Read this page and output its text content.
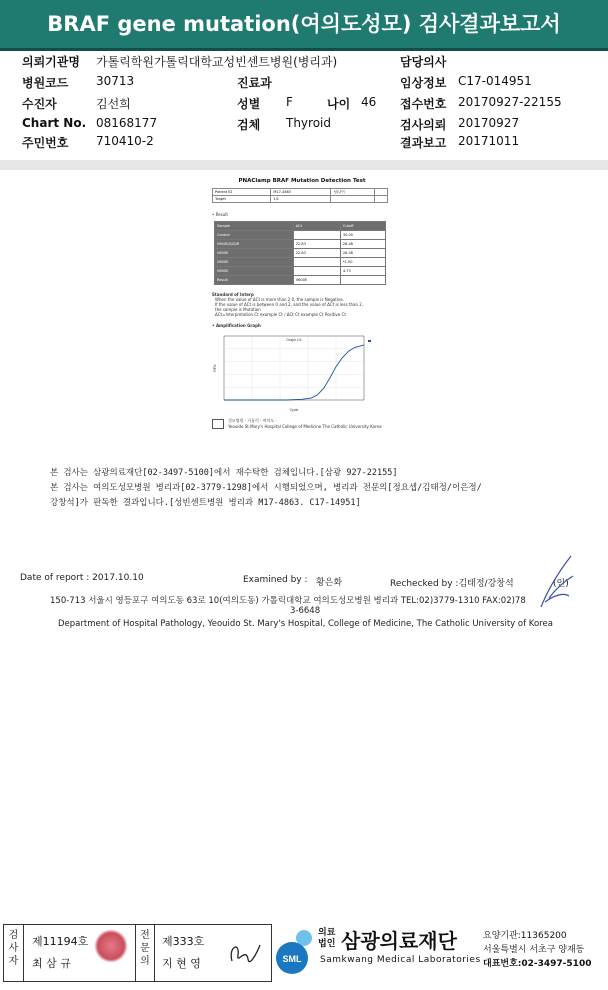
BRAF gene mutation(여의도성모) 검사결과보고서
의뢰기관명 가톨릭학원가톨릭대학교성빈센트병원(병리과)	담당의사
병원코드 30713	진료과	임상정보 C17-014951
수진자	김선희	성별 F	나이 46 접수번호 20170927-22155
Chart No. 08168177	검체 Thyroid	검사의뢰 20170927
주민번호 710410-2	결과보고 20171011
PNAClamp BRAF Mutation Detection Test
Patient ID	M17-4863	성/나이	
Target	1/1		
• Result
Sample	ΔCt	Cutoff
Control		30.00
V600E/K/D/R	22.83	26.48
V600E	22.83	26.48
V600E		*1.00
V600E		4.73
Result	V600E	
Standard of Interp
When the value of ΔCt is more than 2.0, the sample is Negative.
If the value of ΔCt is between 0 and 2, and the value of ΔCt is less than 2,
the sample is Mutation
ΔCt=Interpretation Ct example Ct / ΔCt Ct example Ct Positive Ct
• Amplification Graph
Graph 1/1
Cycle
RFU
성모병원 · 가톨릭 · 여의도 ·
Yeouido St.Mary's Hospital College of Medicine The Catholic University Korea
본 검사는 삼광의료재단[02-3497-5100]에서 재수탁한 검체입니다.[삼광 927-22155]
본 검사는 여의도성모병원 병리과[02-3779-1298]에서 시행되었으며, 병리과 전문의[정요셉/김태정/이은정/
강창석]가 판독한 결과입니다.[성빈센트병원 병리과 M17-4863. C17-14951]
Date of report : 2017.10.10	Examined by : 황은화	Rechecked by :김태정/강창석	(인)
150-713 서울시 영등포구 여의도동 63로 10(여의도동) 가톨릭대학교 여의도성모병원 병리과 TEL:02)3779-1310 FAX:02)78
3-6648
Department of Hospital Pathology, Yeouido St. Mary's Hospital, College of Medicine, The Catholic University of Korea
검사자
제11194호
최 삼 규
전문의
제333호
지 현 영	SML
의료
법인 삼광의료재단
Samkwang Medical Laboratories
요양기관:11365200
서울특별시 서초구 양재동
대표번호:02-3497-5100
